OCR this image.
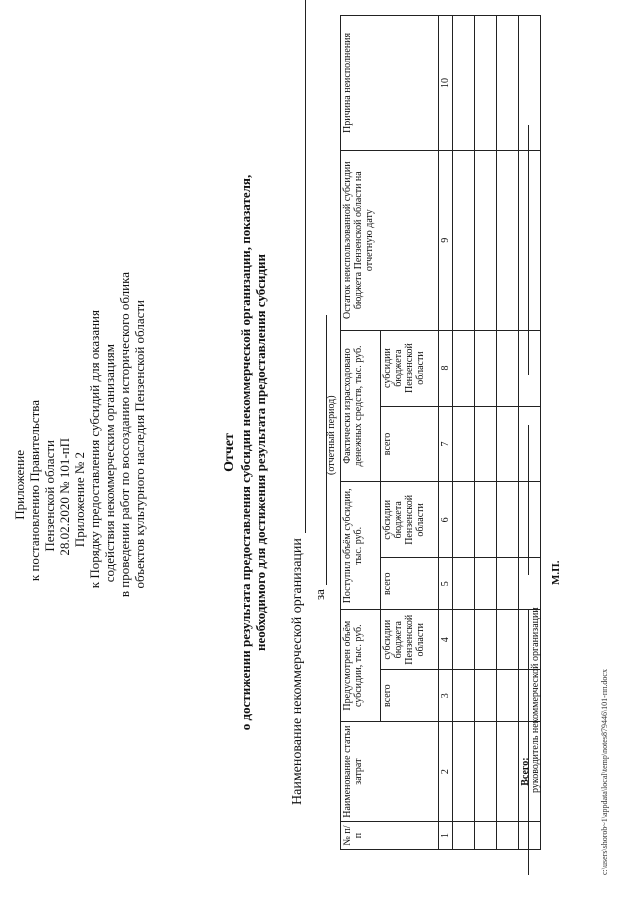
Приложение к постановлению Правительства Пензенской области 28.02.2020 № 101-пП Приложение № 2 к Порядку предоставления субсидий для оказания содействия некоммерческим организациям в проведении работ по воссозданию исторического облика объектов культурного наследия Пензенской области	Отчет о достижении результата предоставления субсидии некоммерческой организации, показателя, необходимого для достижения результата предоставления субсидии
Наименование некоммерческой организации за
(отчетный период)
№ п/п	Наименование статьи затрат	Предусмотрен объём субсидии, тыс. руб.		Поступил объём субсидии, тыс. руб.		Фактически израсходовано денежных средств, тыс. руб.		Остаток неиспользованной субсидии бюджета Пензенской области на отчетную дату	Причина неисполнения
		всего	субсидии бюджета Пензенской области	всего	субсидии бюджета Пензенской области	всего	субсидии бюджета Пензенской области		
1	2	3	4	5	6	7	8	9	10

	Всего:								руководитель некоммерческой организации
М.П.
c:\users\shorob~1\appdata\local\temp\notes879446\101-пп.docx
